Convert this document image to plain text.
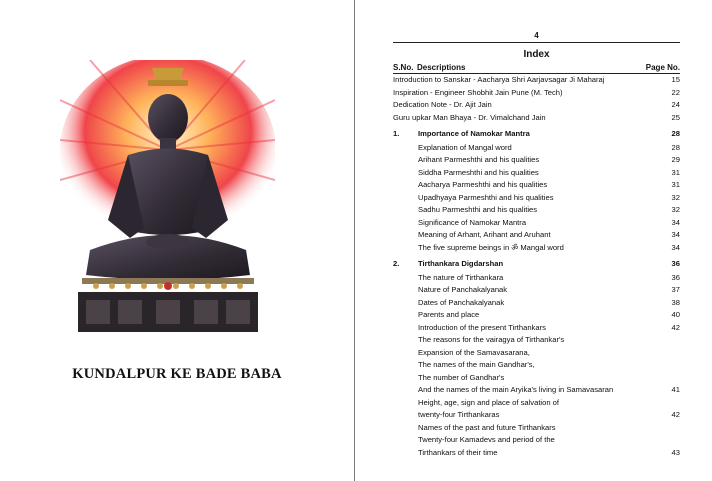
KUNDALPUR KE BADE BABA
4
Index
S.No. Descriptions	Page No.
Introduction to Sanskar - Aacharya Shri Aarjavsagar Ji Maharaj	15
Inspiration - Engineer Shobhit Jain Pune (M. Tech)	22
Dedication Note - Dr. Ajit Jain	24
Guru upkar Man Bhaya - Dr. Vimalchand Jain	25
1.	Importance of Namokar Mantra	28
Explanation of Mangal word	28
Arihant Parmeshthi and his qualities	29
Siddha Parmeshthi and his qualities	31
Aacharya Parmeshthi and his qualities	31
Upadhyaya Parmeshthi and his qualities	32
Sadhu Parmeshthi and his qualities	32
Significance of Namokar Mantra	34
Meaning of Arhant, Arihant and Aruhant	34
The five supreme beings in ॐ Mangal word	34
2.	Tirthankara Digdarshan	36
The nature of Tirthankara	36
Nature of Panchakalyanak	37
Dates of Panchakalyanak	38
Parents and place	40
Introduction of the present Tirthankars	42
The reasons for the vairagya of Tirthankar's
Expansion of the Samavasarana,
The names of the main Gandhar's,
The number of Gandhar's
And the names of the main Aryika's living in Samavasaran	41
Height, age, sign and place of salvation of
twenty-four Tirthankaras	42
Names of the past and future Tirthankars
Twenty-four Kamadevs and period of the
Tirthankars of their time	43
